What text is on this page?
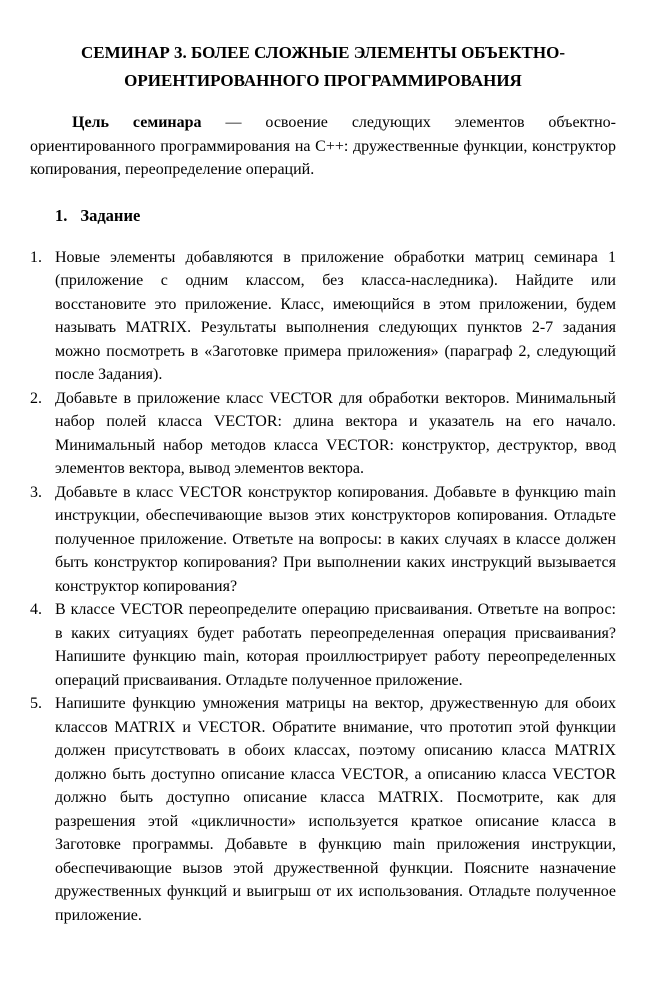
СЕМИНАР 3. БОЛЕЕ СЛОЖНЫЕ ЭЛЕМЕНТЫ ОБЪЕКТНО-
ОРИЕНТИРОВАННОГО ПРОГРАММИРОВАНИЯ

Цель семинара — освоение следующих элементов объектно-ориентированного программирования на C++: дружественные функции, конструктор копирования, переопределение операций.

1. Задание
1. Новые элементы добавляются в приложение обработки матриц семинара 1 (приложение с одним классом, без класса-наследника). Найдите или восстановите это приложение. Класс, имеющийся в этом приложении, будем называть MATRIX. Результаты выполнения следующих пунктов 2-7 задания можно посмотреть в «Заготовке примера приложения» (параграф 2, следующий после Задания).
2. Добавьте в приложение класс VECTOR для обработки векторов. Минимальный набор полей класса VECTOR: длина вектора и указатель на его начало. Минимальный набор методов класса VECTOR: конструктор, деструктор, ввод элементов вектора, вывод элементов вектора.
3. Добавьте в класс VECTOR конструктор копирования. Добавьте в функцию main инструкции, обеспечивающие вызов этих конструкторов копирования. Отладьте полученное приложение. Ответьте на вопросы: в каких случаях в классе должен быть конструктор копирования? При выполнении каких инструкций вызывается конструктор копирования?
4. В классе VECTOR переопределите операцию присваивания. Ответьте на вопрос: в каких ситуациях будет работать переопределенная операция присваивания? Напишите функцию main, которая проиллюстрирует работу переопределенных операций присваивания. Отладьте полученное приложение.
5. Напишите функцию умножения матрицы на вектор, дружественную для обоих классов MATRIX и VECTOR. Обратите внимание, что прототип этой функции должен присутствовать в обоих классах, поэтому описанию класса MATRIX должно быть доступно описание класса VECTOR, а описанию класса VECTOR должно быть доступно описание класса MATRIX. Посмотрите, как для разрешения этой «цикличности» используется краткое описание класса в Заготовке программы. Добавьте в функцию main приложения инструкции, обеспечивающие вызов этой дружественной функции. Поясните назначение дружественных функций и выигрыш от их использования. Отладьте полученное приложение.
